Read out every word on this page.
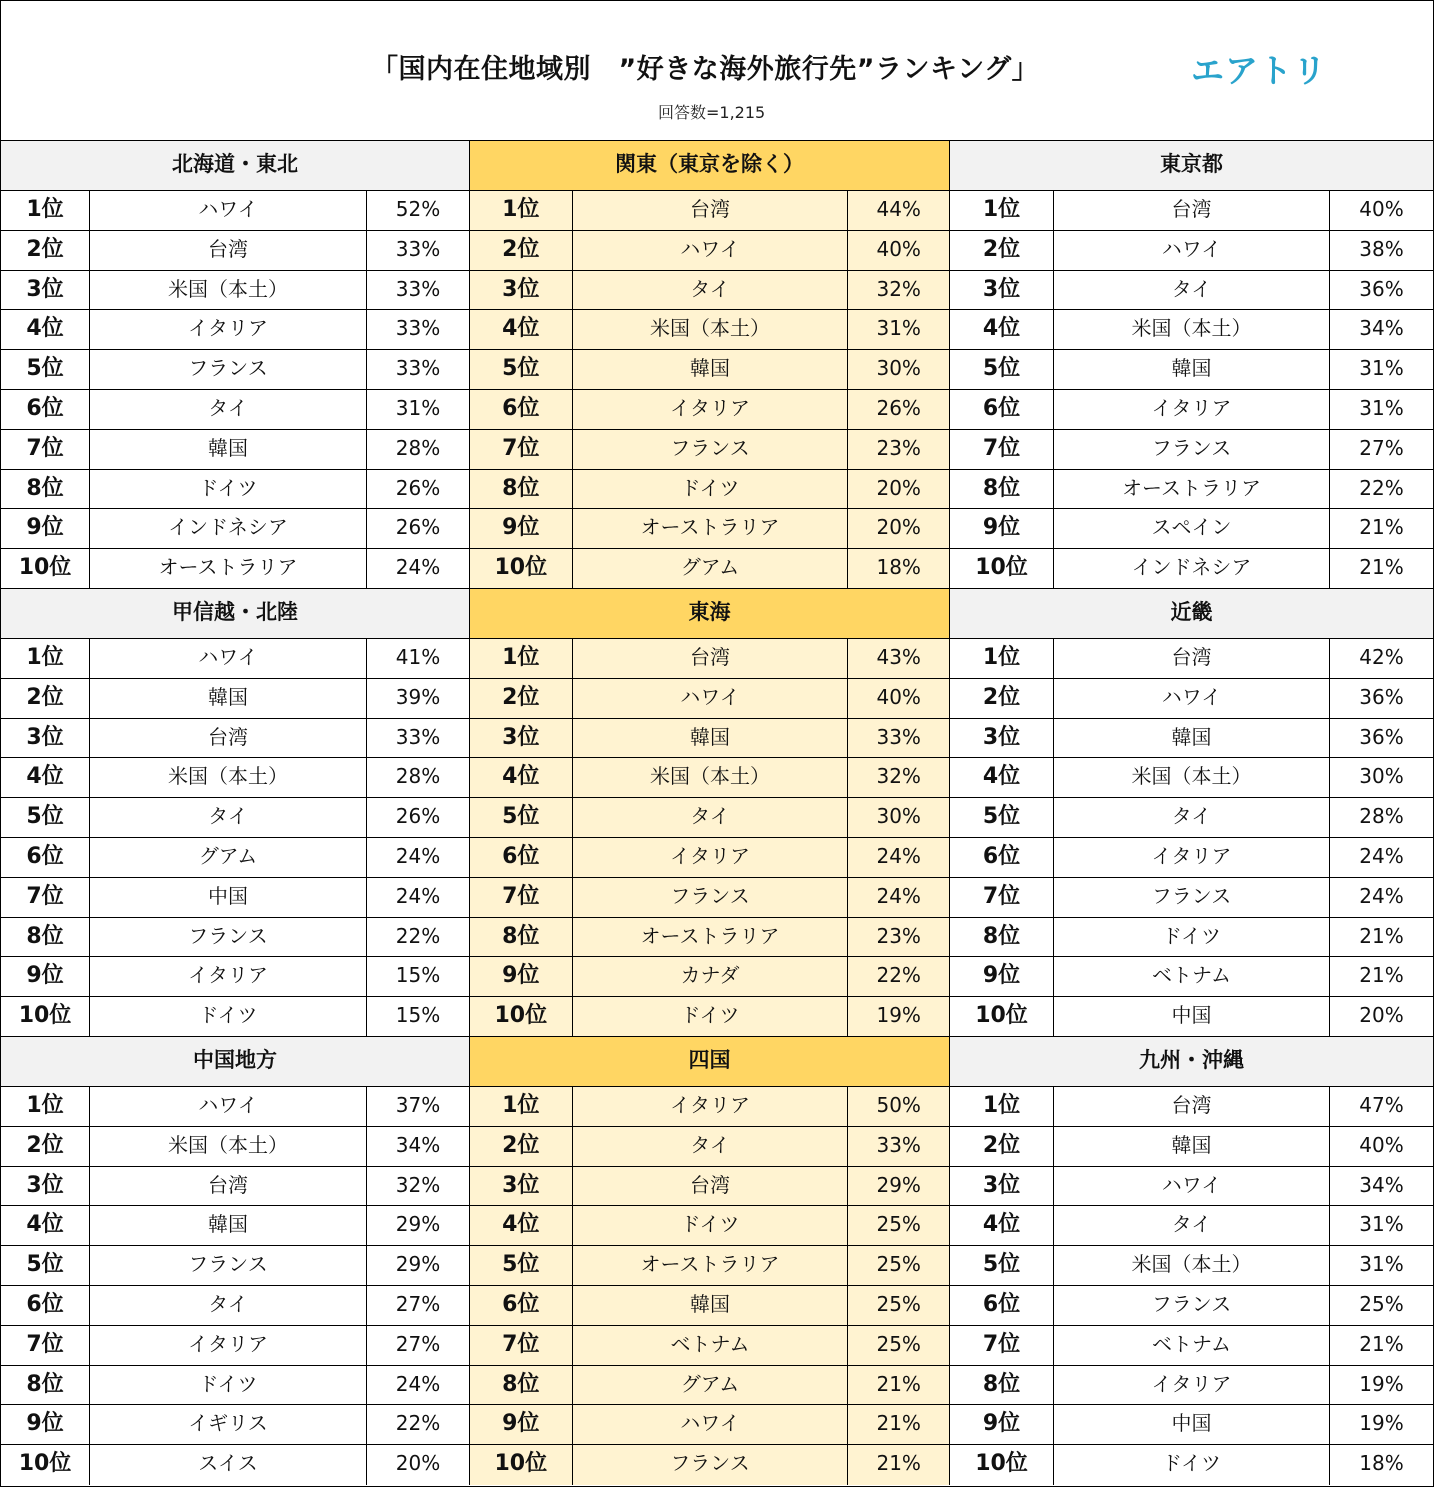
「国内在住地域別　”好きな海外旅行先”ランキング」
回答数=1,215
エアトリ
北海道・東北
1位	ハワイ	52%
2位	台湾	33%
3位	米国（本土）	33%
4位	イタリア	33%
5位	フランス	33%
6位	タイ	31%
7位	韓国	28%
8位	ドイツ	26%
9位	インドネシア	26%
10位	オーストラリア	24%
関東（東京を除く）
1位	台湾	44%
2位	ハワイ	40%
3位	タイ	32%
4位	米国（本土）	31%
5位	韓国	30%
6位	イタリア	26%
7位	フランス	23%
8位	ドイツ	20%
9位	オーストラリア	20%
10位	グアム	18%
東京都
1位	台湾	40%
2位	ハワイ	38%
3位	タイ	36%
4位	米国（本土）	34%
5位	韓国	31%
6位	イタリア	31%
7位	フランス	27%
8位	オーストラリア	22%
9位	スペイン	21%
10位	インドネシア	21%
甲信越・北陸
1位	ハワイ	41%
2位	韓国	39%
3位	台湾	33%
4位	米国（本土）	28%
5位	タイ	26%
6位	グアム	24%
7位	中国	24%
8位	フランス	22%
9位	イタリア	15%
10位	ドイツ	15%
東海
1位	台湾	43%
2位	ハワイ	40%
3位	韓国	33%
4位	米国（本土）	32%
5位	タイ	30%
6位	イタリア	24%
7位	フランス	24%
8位	オーストラリア	23%
9位	カナダ	22%
10位	ドイツ	19%
近畿
1位	台湾	42%
2位	ハワイ	36%
3位	韓国	36%
4位	米国（本土）	30%
5位	タイ	28%
6位	イタリア	24%
7位	フランス	24%
8位	ドイツ	21%
9位	ベトナム	21%
10位	中国	20%
中国地方
1位	ハワイ	37%
2位	米国（本土）	34%
3位	台湾	32%
4位	韓国	29%
5位	フランス	29%
6位	タイ	27%
7位	イタリア	27%
8位	ドイツ	24%
9位	イギリス	22%
10位	スイス	20%
四国
1位	イタリア	50%
2位	タイ	33%
3位	台湾	29%
4位	ドイツ	25%
5位	オーストラリア	25%
6位	韓国	25%
7位	ベトナム	25%
8位	グアム	21%
9位	ハワイ	21%
10位	フランス	21%
九州・沖縄
1位	台湾	47%
2位	韓国	40%
3位	ハワイ	34%
4位	タイ	31%
5位	米国（本土）	31%
6位	フランス	25%
7位	ベトナム	21%
8位	イタリア	19%
9位	中国	19%
10位	ドイツ	18%
